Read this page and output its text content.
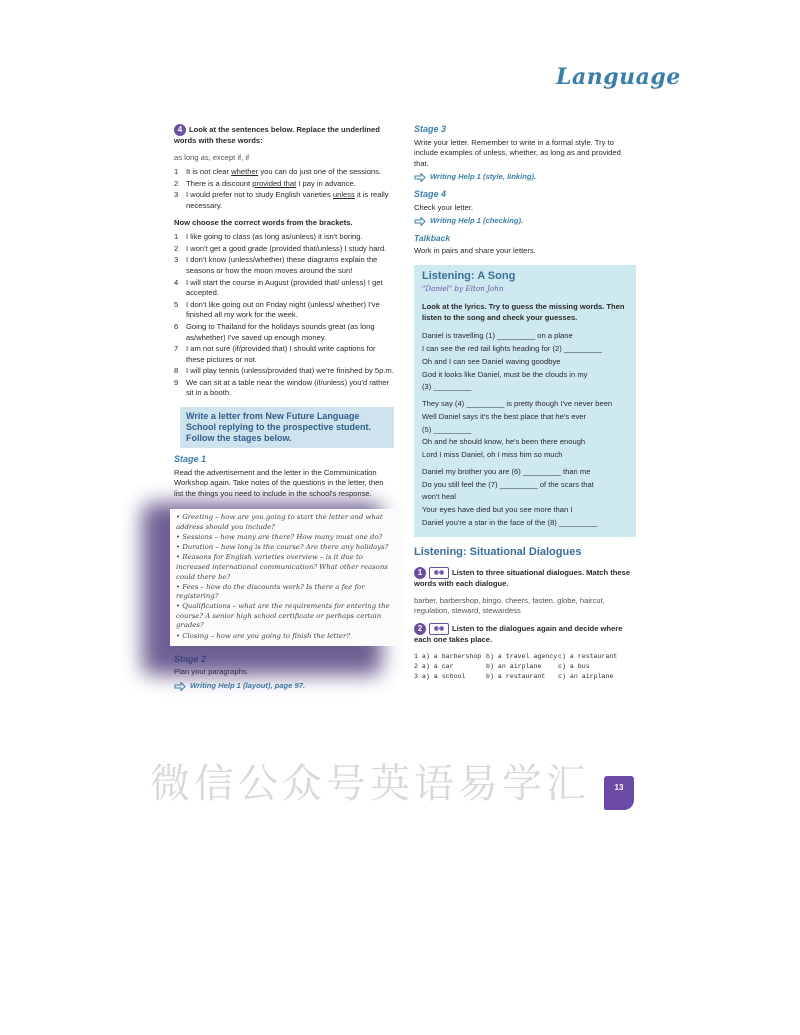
Language
4 Look at the sentences below. Replace the underlined words with these words:
as long as, except if, if
1	It is not clear whether you can do just one of the sessions.
2	There is a discount provided that I pay in advance.
3	I would prefer not to study English varieties unless it is really necessary.
Now choose the correct words from the brackets.
1	I like going to class (as long as/unless) it isn't boring.
2	I won't get a good grade (provided that/unless) I study hard.
3	I don't know (unless/whether) these diagrams explain the seasons or how the moon moves around the sun!
4	I will start the course in August (provided that/ unless) I get accepted.
5	I don't like going out on Friday night (unless/ whether) I've finished all my work for the week.
6	Going to Thailand for the holidays sounds great (as long as/whether) I've saved up enough money.
7	I am not sure (if/provided that) I should write captions for these pictures or not.
8	I will play tennis (unless/provided that) we're finished by 5p.m.
9	We can sit at a table near the window (if/unless) you'd rather sit in a booth.
Write a letter from New Future Language School replying to the prospective student. Follow the stages below.
Stage 1
Read the advertisement and the letter in the Communication Workshop again. Take notes of the questions in the letter, then list the things you need to include in the school's response.
• Greeting – how are you going to start the letter and what address should you include?
• Sessions – how many are there? How many must one do?
• Duration – how long is the course? Are there any holidays?
• Reasons for English varieties overview – is it due to increased international communication? What other reasons could there be?
• Fees – how do the discounts work? Is there a fee for registering?
• Qualifications – what are the requirements for entering the course? A senior high school certificate or perhaps certain grades?
• Closing – how are you going to finish the letter?
Writing Help 1 (layout), page 97.
Stage 3
Write your letter. Remember to write in a formal style. Try to include examples of unless, whether, as long as and provided that.
Writing Help 1 (style, linking).
Stage 4
Check your letter.
Writing Help 1 (checking).
Talkback
Work in pairs and share your letters.
Listening: A Song
"Daniel" by Elton John
Look at the lyrics. Try to guess the missing words. Then listen to the song and check your guesses.
Daniel is travelling (1) _________ on a plane
I can see the red tail lights heading for (2) _________
Oh and I can see Daniel waving goodbye
God it looks like Daniel, must be the clouds in my
(3) _________
They say (4) _________ is pretty though I've never been
Well Daniel says it's the best place that he's ever
(5) _________
Oh and he should know, he's been there enough
Lord I miss Daniel, oh I miss him so much
Daniel my brother you are (6) _________ than me
Do you still feel the (7) _________ of the scars that
won't heal
Your eyes have died but you see more than I
Daniel you're a star in the face of the (8) _________
Listening: Situational Dialogues
1 ◉◉ Listen to three situational dialogues. Match these words with each dialogue.
barber, barbershop, bingo, cheers, fasten, globe, haircut, regulation, steward, stewardess
2 ◉◉ Listen to the dialogues again and decide where each one takes place.
1 a) a barbershop b) a travel agency c) a restaurant
2 a) a car	b) an airplane	c) a bus
3 a) a school	b) a restaurant	c) an airplane
微信公众号英语易学汇	13
